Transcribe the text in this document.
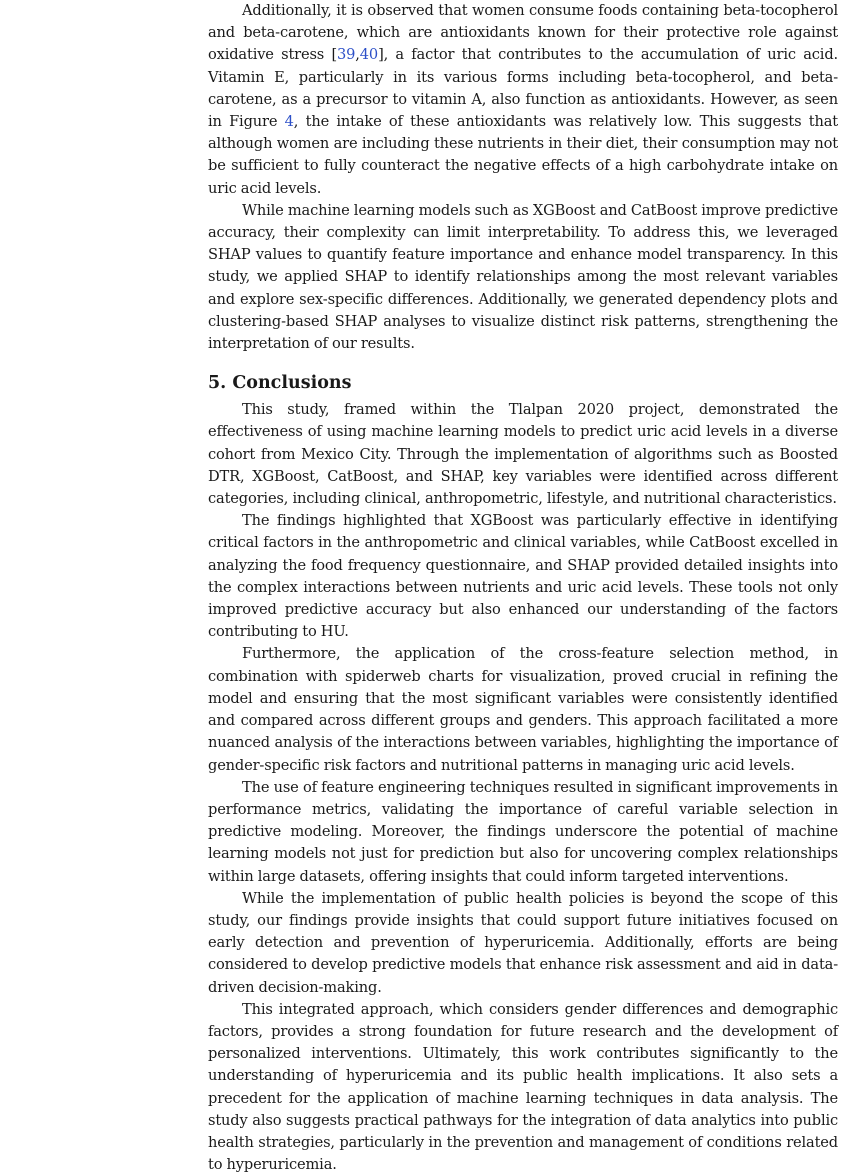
Additionally, it is observed that women consume foods containing beta-tocopherol and beta-carotene, which are antioxidants known for their protective role against oxidative stress [39,40], a factor that contributes to the accumulation of uric acid. Vitamin E, particularly in its various forms including beta-tocopherol, and beta-carotene, as a precursor to vitamin A, also function as antioxidants. However, as seen in Figure 4, the intake of these antioxidants was relatively low. This suggests that although women are including these nutrients in their diet, their consumption may not be sufficient to fully counteract the negative effects of a high carbohydrate intake on uric acid levels.

While machine learning models such as XGBoost and CatBoost improve predictive accuracy, their complexity can limit interpretability. To address this, we leveraged SHAP values to quantify feature importance and enhance model transparency. In this study, we applied SHAP to identify relationships among the most relevant variables and explore sex-specific differences. Additionally, we generated dependency plots and clustering-based SHAP analyses to visualize distinct risk patterns, strengthening the interpretation of our results.

5. Conclusions

This study, framed within the Tlalpan 2020 project, demonstrated the effectiveness of using machine learning models to predict uric acid levels in a diverse cohort from Mexico City. Through the implementation of algorithms such as Boosted DTR, XGBoost, CatBoost, and SHAP, key variables were identified across different categories, including clinical, anthropometric, lifestyle, and nutritional characteristics.

The findings highlighted that XGBoost was particularly effective in identifying critical factors in the anthropometric and clinical variables, while CatBoost excelled in analyzing the food frequency questionnaire, and SHAP provided detailed insights into the complex interactions between nutrients and uric acid levels. These tools not only improved predictive accuracy but also enhanced our understanding of the factors contributing to HU.

Furthermore, the application of the cross-feature selection method, in combination with spiderweb charts for visualization, proved crucial in refining the model and ensuring that the most significant variables were consistently identified and compared across different groups and genders. This approach facilitated a more nuanced analysis of the interactions between variables, highlighting the importance of gender-specific risk factors and nutritional patterns in managing uric acid levels.

The use of feature engineering techniques resulted in significant improvements in performance metrics, validating the importance of careful variable selection in predictive modeling. Moreover, the findings underscore the potential of machine learning models not just for prediction but also for uncovering complex relationships within large datasets, offering insights that could inform targeted interventions.

While the implementation of public health policies is beyond the scope of this study, our findings provide insights that could support future initiatives focused on early detection and prevention of hyperuricemia. Additionally, efforts are being considered to develop predictive models that enhance risk assessment and aid in data-driven decision-making.

This integrated approach, which considers gender differences and demographic factors, provides a strong foundation for future research and the development of personalized interventions. Ultimately, this work contributes significantly to the understanding of hyperuricemia and its public health implications. It also sets a precedent for the application of machine learning techniques in data analysis. The study also suggests practical pathways for the integration of data analytics into public health strategies, particularly in the prevention and management of conditions related to hyperuricemia.
